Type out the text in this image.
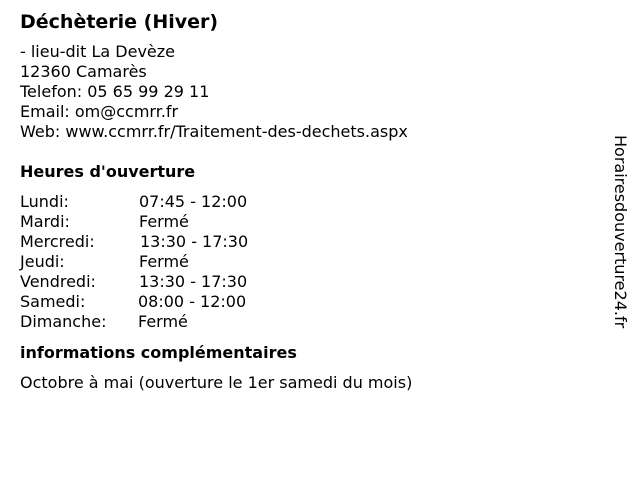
Déchèterie (Hiver)
- lieu-dit La Devèze
12360 Camarès
Telefon: 05 65 99 29 11
Email: om@ccmrr.fr
Web: www.ccmrr.fr/Traitement-des-dechets.aspx
Heures d'ouverture
Lundi:	07:45 - 12:00
Mardi:	Fermé
Mercredi:	13:30 - 17:30
Jeudi:	Fermé
Vendredi:	13:30 - 17:30
Samedi:	08:00 - 12:00
Dimanche: Fermé
informations complémentaires
Octobre à mai (ouverture le 1er samedi du mois)
Horairesdouverture24.fr
